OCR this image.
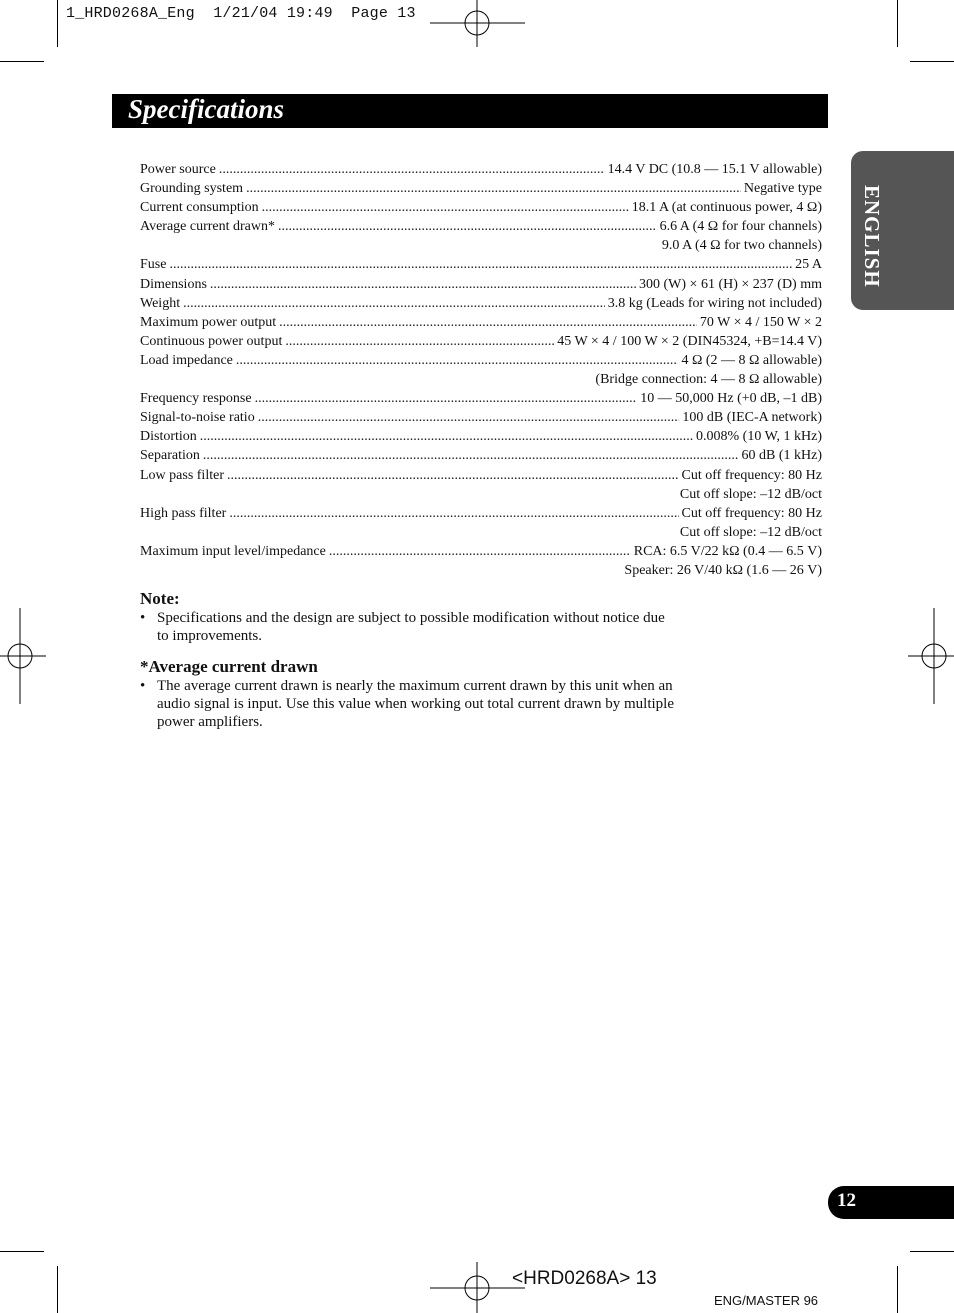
1_HRD0268A_Eng  1/21/04 19:49  Page 13
Specifications
ENGLISH
Power source .....	14.4 V DC (10.8 — 15.1 V allowable)
Grounding system .....	Negative type
Current consumption .....	18.1 A (at continuous power, 4 Ω)
Average current drawn* .....	6.6 A (4 Ω for four channels)
9.0 A (4 Ω for two channels)
Fuse .....	25 A
Dimensions .....	300 (W) × 61 (H) × 237 (D) mm
Weight .....	3.8 kg (Leads for wiring not included)
Maximum power output .....	70 W × 4 / 150 W × 2
Continuous power output .....	45 W × 4 / 100 W × 2 (DIN45324, +B=14.4 V)
Load impedance .....	4 Ω (2 — 8 Ω allowable)
(Bridge connection: 4 — 8 Ω allowable)
Frequency response .....	10 — 50,000 Hz (+0 dB, –1 dB)
Signal-to-noise ratio .....	100 dB (IEC-A network)
Distortion .....	0.008% (10 W, 1 kHz)
Separation .....	60 dB (1 kHz)
Low pass filter .....	Cut off frequency: 80 Hz
Cut off slope: –12 dB/oct
High pass filter .....	Cut off frequency: 80 Hz
Cut off slope: –12 dB/oct
Maximum input level/impedance .....	RCA: 6.5 V/22 kΩ (0.4 — 6.5 V)
Speaker: 26 V/40 kΩ (1.6 — 26 V)
Note:
• Specifications and the design are subject to possible modification without notice due to improvements.
*Average current drawn
• The average current drawn is nearly the maximum current drawn by this unit when an audio signal is input. Use this value when working out total current drawn by multiple power amplifiers.
12
<HRD0268A> 13
ENG/MASTER 96
